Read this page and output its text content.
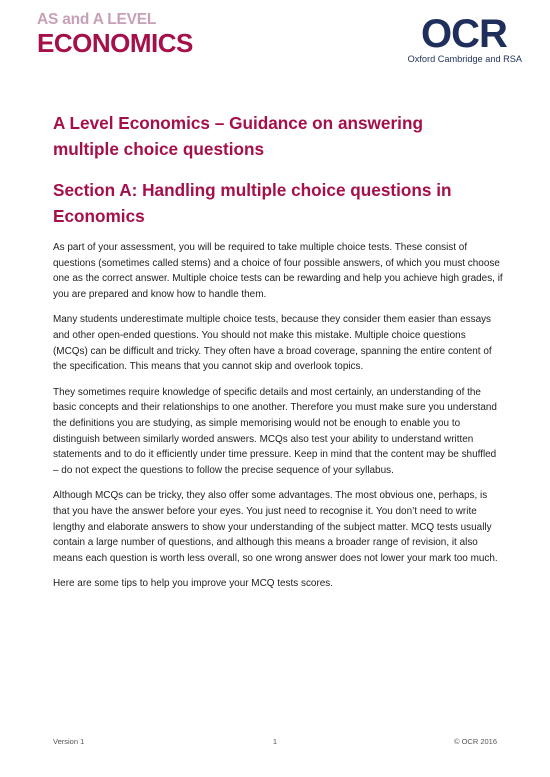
AS and A LEVEL
ECONOMICS	OCR
Oxford Cambridge and RSA
A Level Economics – Guidance on answering multiple choice questions
Section A: Handling multiple choice questions in Economics

As part of your assessment, you will be required to take multiple choice tests. These consist of questions (sometimes called stems) and a choice of four possible answers, of which you must choose one as the correct answer. Multiple choice tests can be rewarding and help you achieve high grades, if you are prepared and know how to handle them.

Many students underestimate multiple choice tests, because they consider them easier than essays and other open-ended questions. You should not make this mistake. Multiple choice questions (MCQs) can be difficult and tricky. They often have a broad coverage, spanning the entire content of the specification. This means that you cannot skip and overlook topics.

They sometimes require knowledge of specific details and most certainly, an understanding of the basic concepts and their relationships to one another. Therefore you must make sure you understand the definitions you are studying, as simple memorising would not be enough to enable you to distinguish between similarly worded answers. MCQs also test your ability to understand written statements and to do it efficiently under time pressure. Keep in mind that the content may be shuffled – do not expect the questions to follow the precise sequence of your syllabus.

Although MCQs can be tricky, they also offer some advantages. The most obvious one, perhaps, is that you have the answer before your eyes. You just need to recognise it. You don’t need to write lengthy and elaborate answers to show your understanding of the subject matter. MCQ tests usually contain a large number of questions, and although this means a broader range of revision, it also means each question is worth less overall, so one wrong answer does not lower your mark too much.

Here are some tips to help you improve your MCQ tests scores.

Version 1	1	© OCR 2016
